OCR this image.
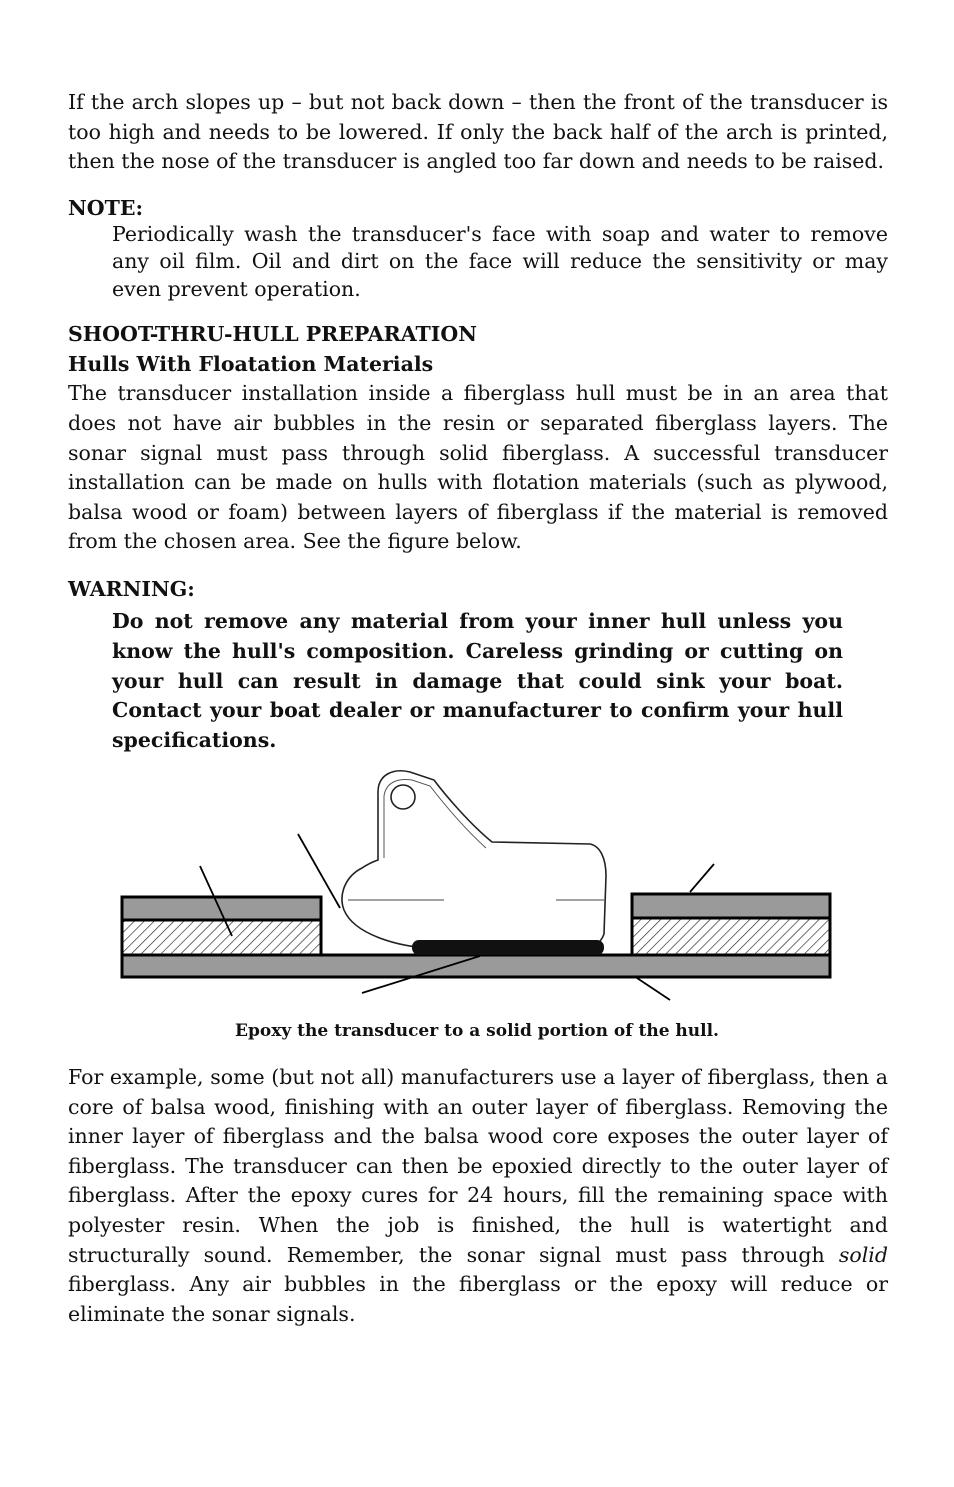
If the arch slopes up – but not back down – then the front of the transducer is too high and needs to be lowered. If only the back half of the arch is printed, then the nose of the transducer is angled too far down and needs to be raised.

NOTE:

Periodically wash the transducer's face with soap and water to remove any oil film. Oil and dirt on the face will reduce the sensitivity or may even prevent operation.

SHOOT-THRU-HULL PREPARATION

Hulls With Floatation Materials

The transducer installation inside a fiberglass hull must be in an area that does not have air bubbles in the resin or separated fiberglass layers. The sonar signal must pass through solid fiberglass. A successful transducer installation can be made on hulls with flotation materials (such as plywood, balsa wood or foam) between layers of fiberglass if the material is removed from the chosen area. See the figure below.

WARNING:

Do not remove any material from your inner hull unless you know the hull's composition. Careless grinding or cutting on your hull can result in damage that could sink your boat. Contact your boat dealer or manufacturer to confirm your hull specifications.

Epoxy the transducer to a solid portion of the hull.

For example, some (but not all) manufacturers use a layer of fiberglass, then a core of balsa wood, finishing with an outer layer of fiberglass. Removing the inner layer of fiberglass and the balsa wood core exposes the outer layer of fiberglass. The transducer can then be epoxied directly to the outer layer of fiberglass. After the epoxy cures for 24 hours, fill the remaining space with polyester resin. When the job is finished, the hull is watertight and structurally sound. Remember, the sonar signal must pass through solid fiberglass. Any air bubbles in the fiberglass or the epoxy will reduce or eliminate the sonar signals.
